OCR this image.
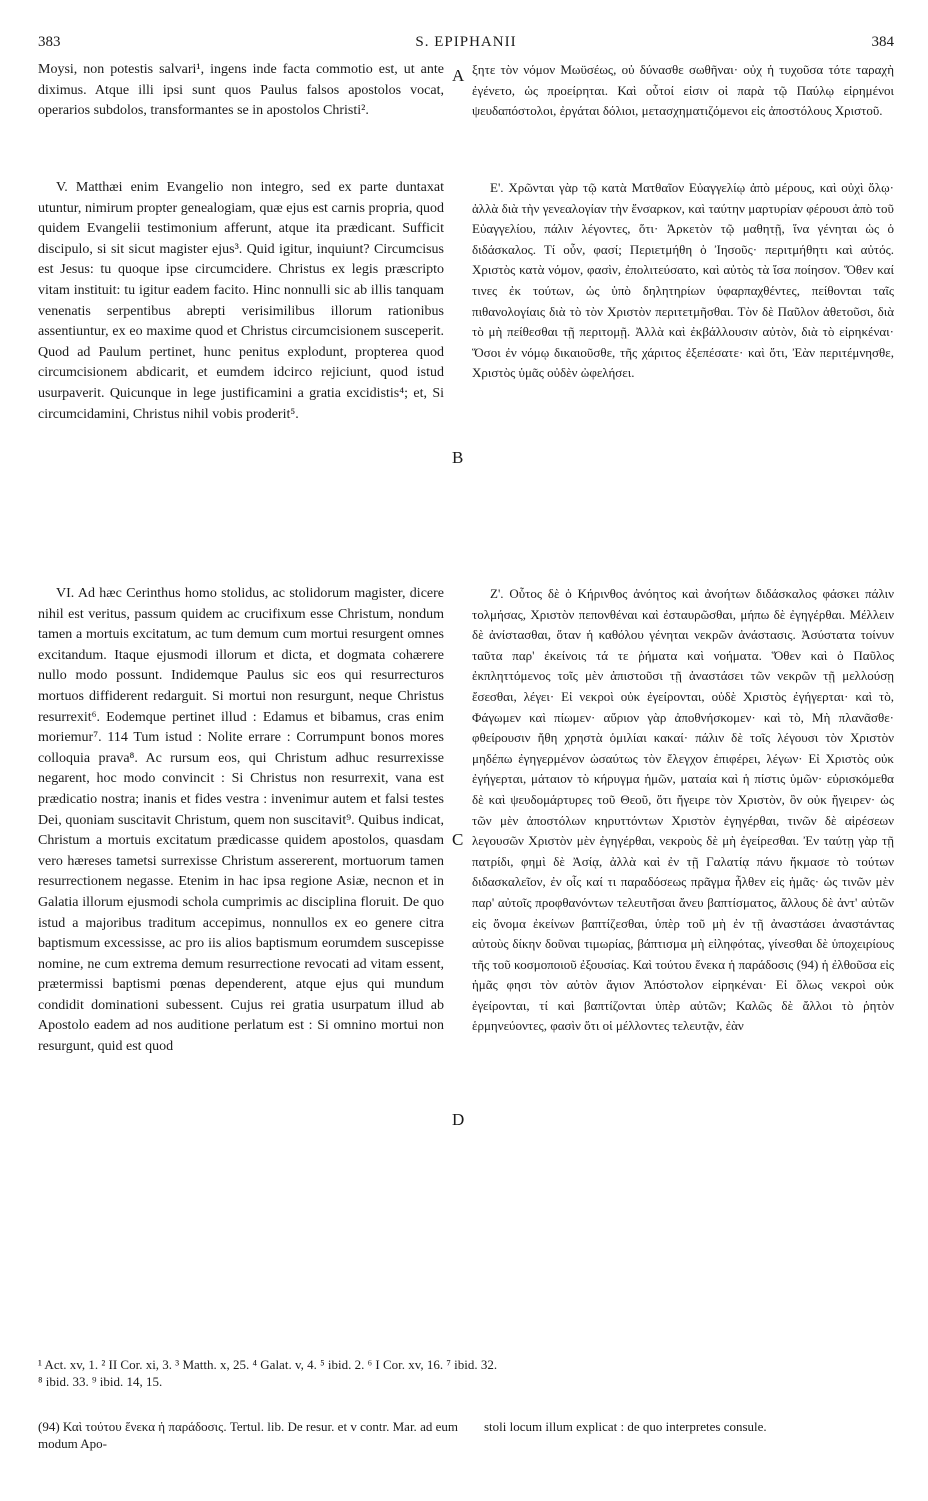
383	S. EPIPHANII	384

Moysi, non potestis salvari¹, ingens inde facta commotio est, ut ante diximus. Atque illi ipsi sunt quos Paulus falsos apostolos vocat, operarios subdolos, transformantes se in apostolos Christi².

V. Matthæi enim Evangelio non integro, sed ex parte duntaxat utuntur, nimirum propter genealogiam, quæ ejus est carnis propria, quod quidem Evangelii testimonium afferunt, atque ita prædicant. Sufficit discipulo, si sit sicut magister ejus³. Quid igitur, inquiunt? Circumcisus est Jesus: tu quoque ipse circumcidere. Christus ex legis præscripto vitam instituit: tu igitur eadem facito. Hinc nonnulli sic ab illis tanquam venenatis serpentibus abrepti verisimilibus illorum rationibus assentiuntur, ex eo maxime quod et Christus circumcisionem susceperit. Quod ad Paulum pertinet, hunc penitus explodunt, propterea quod circumcisionem abdicarit, et eumdem idcirco rejiciunt, quod istud usurpaverit. Quicunque in lege justificamini a gratia excidistis⁴; et, Si circumcidamini, Christus nihil vobis proderit⁵.

VI. Ad hæc Cerinthus homo stolidus, ac stolidorum magister, dicere nihil est veritus, passum quidem ac crucifixum esse Christum, nondum tamen a mortuis excitatum, ac tum demum cum mortui resurgent omnes excitandum. Itaque ejusmodi illorum et dicta, et dogmata cohærere nullo modo possunt. Indidemque Paulus sic eos qui resurrecturos mortuos diffiderent redarguit. Si mortui non resurgunt, neque Christus resurrexit⁶. Eodemque pertinet illud : Edamus et bibamus, cras enim moriemur⁷. 114 Tum istud : Nolite errare : Corrumpunt bonos mores colloquia prava⁸. Ac rursum eos, qui Christum adhuc resurrexisse negarent, hoc modo convincit : Si Christus non resurrexit, vana est prædicatio nostra; inanis et fides vestra : invenimur autem et falsi testes Dei, quoniam suscitavit Christum, quem non suscitavit⁹. Quibus indicat, Christum a mortuis excitatum prædicasse quidem apostolos, quasdam vero hæreses tametsi surrexisse Christum assererent, mortuorum tamen resurrectionem negasse. Etenim in hac ipsa regione Asiæ, necnon et in Galatia illorum ejusmodi schola cumprimis ac disciplina floruit. De quo istud a majoribus traditum accepimus, nonnullos ex eo genere citra baptismum excessisse, ac pro iis alios baptismum eorumdem suscepisse nomine, ne cum extrema demum resurrectione revocati ad vitam essent, prætermissi baptismi pœnas dependerent, atque ejus qui mundum condidit dominationi subessent. Cujus rei gratia usurpatum illud ab Apostolo eadem ad nos auditione perlatum est : Si omnino mortui non resurgunt, quid est quod

A
B
C
D

ξητε τὸν νόμον Μωϋσέως, οὐ δύνασθε σωθῆναι· οὐχ ἡ τυχοῦσα τότε ταραχὴ ἐγένετο, ὡς προείρηται. Καὶ οὗτοί εἰσιν οἱ παρὰ τῷ Παύλῳ εἰρημένοι ψευδαπόστολοι, ἐργάται δόλιοι, μετασχηματιζόμενοι εἰς ἀποστόλους Χριστοῦ.

Ε'. Χρῶνται γὰρ τῷ κατὰ Ματθαῖον Εὐαγγελίῳ ἀπὸ μέρους, καὶ οὐχὶ ὅλῳ· ἀλλὰ διὰ τὴν γενεαλογίαν τὴν ἔνσαρκον, καὶ ταύτην μαρτυρίαν φέρουσι ἀπὸ τοῦ Εὐαγγελίου, πάλιν λέγοντες, ὅτι· Ἀρκετὸν τῷ μαθητῇ, ἵνα γένηται ὡς ὁ διδάσκαλος. Τί οὖν, φασί; Περιετμήθη ὁ Ἰησοῦς· περιτμήθητι καὶ αὐτός. Χριστὸς κατὰ νόμον, φασὶν, ἐπολιτεύσατο, καὶ αὐτὸς τὰ ἴσα ποίησον. Ὅθεν καί τινες ἐκ τούτων, ὡς ὑπὸ δηλητηρίων ὑφαρπαχθέντες, πείθονται ταῖς πιθανολογίαις διὰ τὸ τὸν Χριστὸν περιτετμῆσθαι. Τὸν δὲ Παῦλον ἀθετοῦσι, διὰ τὸ μὴ πείθεσθαι τῇ περιτομῇ. Ἀλλὰ καὶ ἐκβάλλουσιν αὐτὸν, διὰ τὸ εἰρηκέναι· Ὅσοι ἐν νόμῳ δικαιοῦσθε, τῆς χάριτος ἐξεπέσατε· καὶ ὅτι, Ἐὰν περιτέμνησθε, Χριστὸς ὑμᾶς οὐδὲν ὠφελήσει.

Ζ'. Οὗτος δὲ ὁ Κήρινθος ἀνόητος καὶ ἀνοήτων διδάσκαλος φάσκει πάλιν τολμήσας, Χριστὸν πεπονθέναι καὶ ἐσταυρῶσθαι, μήπω δὲ ἐγηγέρθαι. Μέλλειν δὲ ἀνίστασθαι, ὅταν ἡ καθόλου γένηται νεκρῶν ἀνάστασις. Ἀσύστατα τοίνυν ταῦτα παρ' ἐκείνοις τά τε ῥήματα καὶ νοήματα. Ὅθεν καὶ ὁ Παῦλος ἐκπληττόμενος τοῖς μὲν ἀπιστοῦσι τῇ ἀναστάσει τῶν νεκρῶν τῇ μελλούσῃ ἔσεσθαι, λέγει· Εἰ νεκροὶ οὐκ ἐγείρονται, οὐδὲ Χριστὸς ἐγήγερται· καὶ τὸ, Φάγωμεν καὶ πίωμεν· αὔριον γὰρ ἀποθνήσκομεν· καὶ τὸ, Μὴ πλανᾶσθε· φθείρουσιν ἤθη χρηστὰ ὁμιλίαι κακαί· πάλιν δὲ τοῖς λέγουσι τὸν Χριστὸν μηδέπω ἐγηγερμένον ὡσαύτως τὸν ἔλεγχον ἐπιφέρει, λέγων· Εἰ Χριστὸς οὐκ ἐγήγερται, μάταιον τὸ κήρυγμα ἡμῶν, ματαία καὶ ἡ πίστις ὑμῶν· εὑρισκόμεθα δὲ καὶ ψευδομάρτυρες τοῦ Θεοῦ, ὅτι ἤγειρε τὸν Χριστὸν, ὃν οὐκ ἤγειρεν· ὡς τῶν μὲν ἀποστόλων κηρυττόντων Χριστὸν ἐγηγέρθαι, τινῶν δὲ αἱρέσεων λεγουσῶν Χριστὸν μὲν ἐγηγέρθαι, νεκροὺς δὲ μὴ ἐγείρεσθαι. Ἐν ταύτῃ γὰρ τῇ πατρίδι, φημὶ δὲ Ἀσίᾳ, ἀλλὰ καὶ ἐν τῇ Γαλατίᾳ πάνυ ἤκμασε τὸ τούτων διδασκαλεῖον, ἐν οἷς καί τι παραδόσεως πρᾶγμα ἦλθεν εἰς ἡμᾶς· ὡς τινῶν μὲν παρ' αὐτοῖς προφθανόντων τελευτῆσαι ἄνευ βαπτίσματος, ἄλλους δὲ ἀντ' αὐτῶν εἰς ὄνομα ἐκείνων βαπτίζεσθαι, ὑπὲρ τοῦ μὴ ἐν τῇ ἀναστάσει ἀναστάντας αὐτοὺς δίκην δοῦναι τιμωρίας, βάπτισμα μὴ εἰληφότας, γίνεσθαι δὲ ὑποχειρίους τῆς τοῦ κοσμοποιοῦ ἐξουσίας. Καὶ τούτου ἕνεκα ἡ παράδοσις (94) ἡ ἐλθοῦσα εἰς ἡμᾶς φησι τὸν αὐτὸν ἅγιον Ἀπόστολον εἰρηκέναι· Εἰ ὅλως νεκροὶ οὐκ ἐγείρονται, τί καὶ βαπτίζονται ὑπὲρ αὐτῶν; Καλῶς δὲ ἄλλοι τὸ ῥητὸν ἑρμηνεύοντες, φασὶν ὅτι οἱ μέλλοντες τελευτᾷν, ἐὰν

¹ Act. xv, 1. ² II Cor. xi, 3. ³ Matth. x, 25. ⁴ Galat. v, 4. ⁵ ibid. 2. ⁶ I Cor. xv, 16. ⁷ ibid. 32.
⁸ ibid. 33. ⁹ ibid. 14, 15.
(94) Καὶ τούτου ἕνεκα ἡ παράδοσις. Tertul. lib. De resur. et v contr. Mar. ad eum modum Apo-
stoli locum illum explicat : de quo interpretes consule.
